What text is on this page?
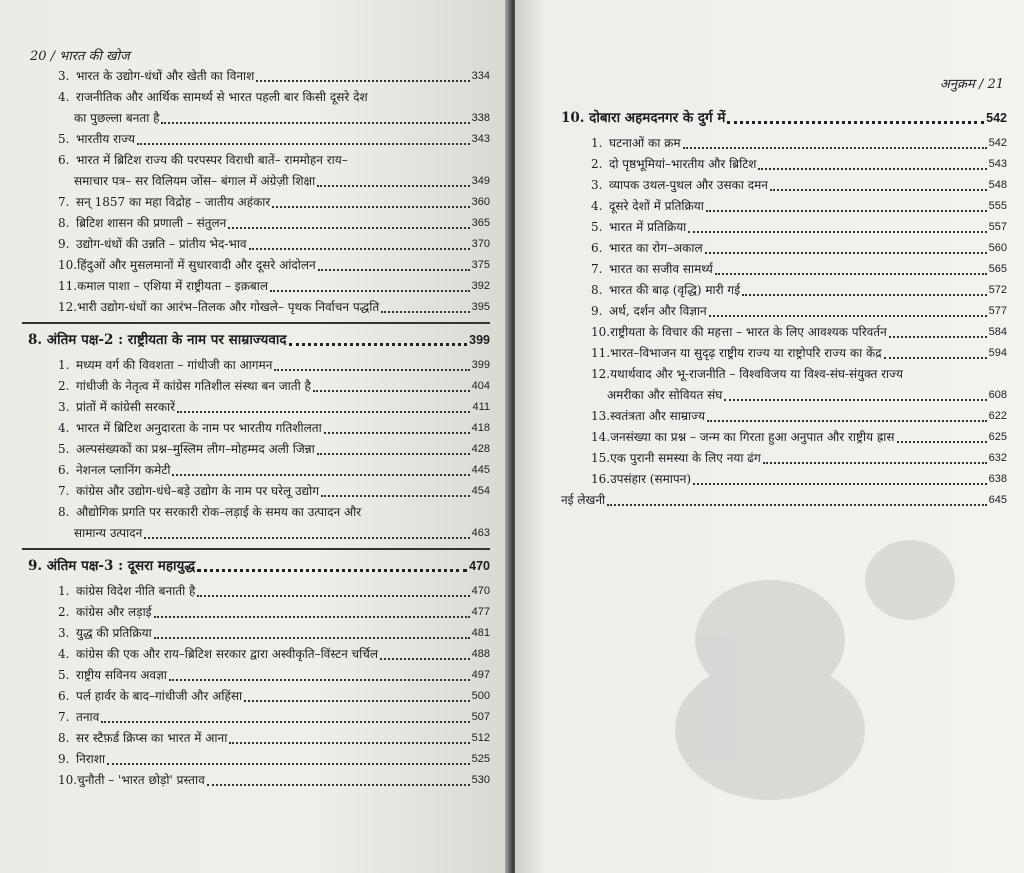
20 / भारत की खोज
3. भारत के उद्योग-धंधों और खेती का विनाश	334
4. राजनीतिक और आर्थिक सामर्थ्य से भारत पहली बार किसी दूसरे देश
का पुछल्ला बनता है	338
5. भारतीय राज्य	343
6. भारत में ब्रिटिश राज्य की परपस्पर विराधी बातें– राममोहन राय–
समाचार पत्र– सर विलियम जोंस– बंगाल में अंग्रेज़ी शिक्षा	349
7. सन् 1857 का महा विद्रोह – जातीय अहंकार	360
8. ब्रिटिश शासन की प्रणाली – संतुलन	365
9. उद्योग-धंधों की उन्नति – प्रांतीय भेद-भाव	370
10. हिंदुओं और मुसलमानों में सुधारवादी और दूसरे आंदोलन	375
11. कमाल पाशा – एशिया में राष्ट्रीयता – इक़बाल	392
12. भारी उद्योग-धंधों का आरंभ–तिलक और गोखले– पृथक निर्वाचन पद्धति	395
8. अंतिम पक्ष-2 : राष्ट्रीयता के नाम पर साम्राज्यवाद	399
1. मध्यम वर्ग की विवशता – गांधीजी का आगमन	399
2. गांधीजी के नेतृत्व में कांग्रेस गतिशील संस्था बन जाती है	404
3. प्रांतों में कांग्रेसी सरकारें	411
4. भारत में ब्रिटिश अनुदारता के नाम पर भारतीय गतिशीलता	418
5. अल्पसंख्यकों का प्रश्न–मुस्लिम लीग–मोहम्मद अली जिन्ना	428
6. नेशनल प्लानिंग कमेटी	445
7. कांग्रेस और उद्योग-धंधे–बड़े उद्योग के नाम पर घरेलू उद्योग	454
8. औद्योगिक प्रगति पर सरकारी रोक–लड़ाई के समय का उत्पादन और
सामान्य उत्पादन	463
9. अंतिम पक्ष-3 : दूसरा महायुद्ध	470
1. कांग्रेस विदेश नीति बनाती है	470
2. कांग्रेस और लड़ाई	477
3. युद्ध की प्रतिक्रिया	481
4. कांग्रेस की एक और राय–ब्रिटिश सरकार द्वारा अस्वीकृति–विंस्टन चर्चिल	488
5. राष्ट्रीय सविनय अवज्ञा	497
6. पर्ल हार्वर के बाद–गांधीजी और अहिंसा	500
7. तनाव	507
8. सर स्टैफ़र्ड क्रिप्स का भारत में आना	512
9. निराशा	525
10. चुनौती – 'भारत छोड़ो' प्रस्ताव	530
अनुक्रम / 21
10. दोबारा अहमदनगर के दुर्ग में	542
1. घटनाओं का क्रम	542
2. दो पृष्ठभूमियां–भारतीय और ब्रिटिश	543
3. व्यापक उथल-पुथल और उसका दमन	548
4. दूसरे देशों में प्रतिक्रिया	555
5. भारत में प्रतिक्रिया	557
6. भारत का रोग–अकाल	560
7. भारत का सजीव सामर्थ्य	565
8. भारत की बाढ़ (वृद्धि) मारी गई	572
9. अर्थ, दर्शन और विज्ञान	577
10. राष्ट्रीयता के विचार की महत्ता – भारत के लिए आवश्यक परिवर्तन	584
11. भारत–विभाजन या सुदृढ़ राष्ट्रीय राज्य या राष्ट्रोपरि राज्य का केंद्र	594
12. यथार्थवाद और भू-राजनीति – विश्वविजय या विश्व-संघ-संयुक्त राज्य
अमरीका और सोवियत संघ	608
13. स्वतंत्रता और साम्राज्य	622
14. जनसंख्या का प्रश्न – जन्म का गिरता हुआ अनुपात और राष्ट्रीय ह्रास	625
15. एक पुरानी समस्या के लिए नया ढंग	632
16. उपसंहार (समापन)	638
नई लेखनी	645
